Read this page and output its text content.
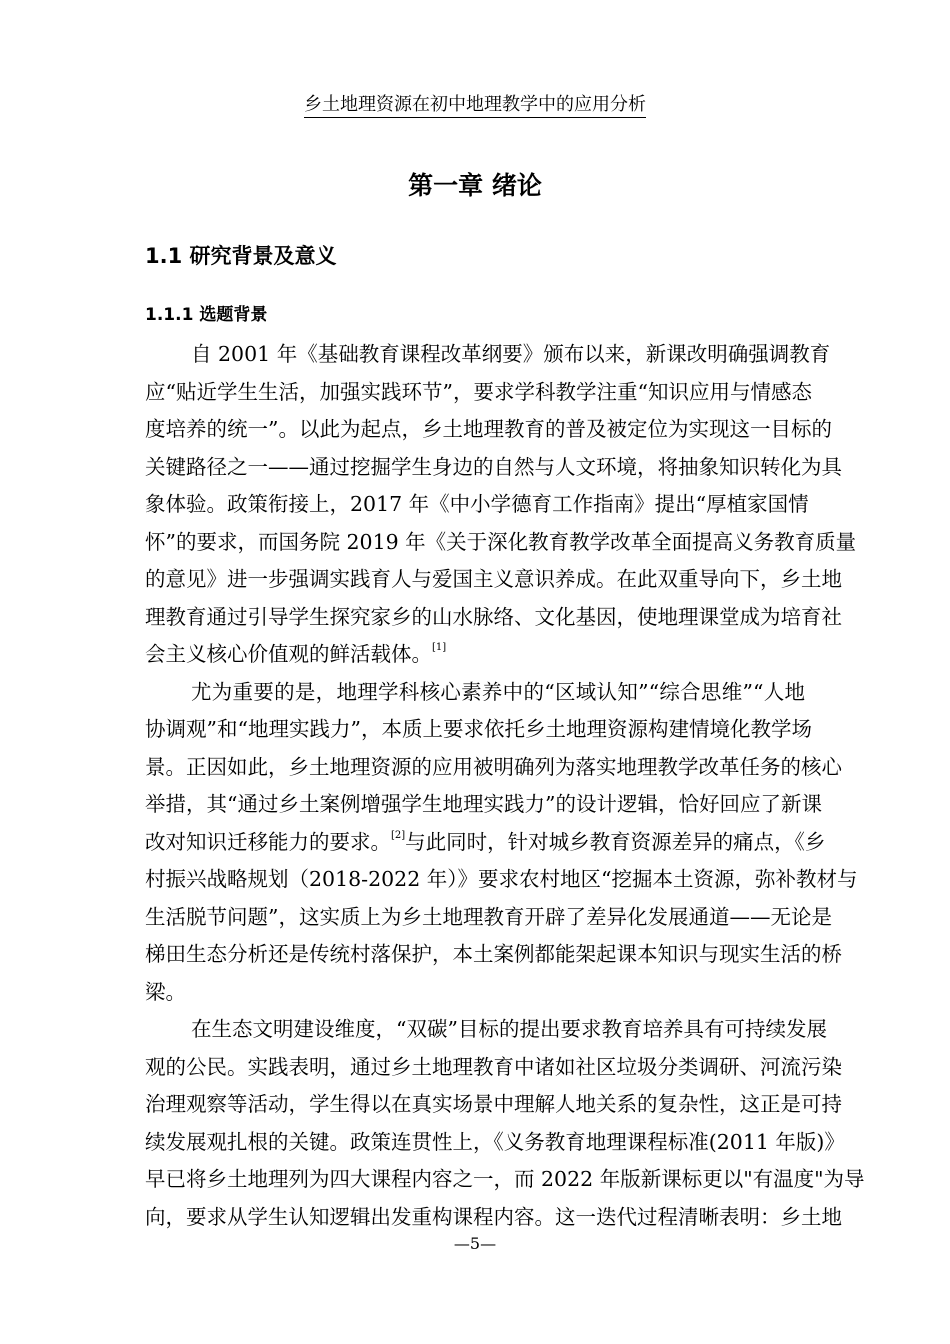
乡土地理资源在初中地理教学中的应用分析
第一章 绪论
1.1 研究背景及意义
1.1.1 选题背景
自 2001 年《基础教育课程改革纲要》颁布以来，新课改明确强调教育
应“贴近学生生活，加强实践环节”，要求学科教学注重“知识应用与情感态
度培养的统一”。以此为起点，乡土地理教育的普及被定位为实现这一目标的
关键路径之一——通过挖掘学生身边的自然与人文环境，将抽象知识转化为具
象体验。政策衔接上，2017 年《中小学德育工作指南》提出“厚植家国情
怀”的要求，而国务院 2019 年《关于深化教育教学改革全面提高义务教育质量
的意见》进一步强调实践育人与爱国主义意识养成。在此双重导向下，乡土地
理教育通过引导学生探究家乡的山水脉络、文化基因，使地理课堂成为培育社
会主义核心价值观的鲜活载体。[1]
尤为重要的是，地理学科核心素养中的“区域认知”“综合思维”“人地
协调观”和“地理实践力”，本质上要求依托乡土地理资源构建情境化教学场
景。正因如此，乡土地理资源的应用被明确列为落实地理教学改革任务的核心
举措，其“通过乡土案例增强学生地理实践力”的设计逻辑，恰好回应了新课
改对知识迁移能力的要求。[2]与此同时，针对城乡教育资源差异的痛点，《乡
村振兴战略规划（2018-2022 年）》要求农村地区“挖掘本土资源，弥补教材与
生活脱节问题”，这实质上为乡土地理教育开辟了差异化发展通道——无论是
梯田生态分析还是传统村落保护，本土案例都能架起课本知识与现实生活的桥
梁。
在生态文明建设维度，“双碳”目标的提出要求教育培养具有可持续发展
观的公民。实践表明，通过乡土地理教育中诸如社区垃圾分类调研、河流污染
治理观察等活动，学生得以在真实场景中理解人地关系的复杂性，这正是可持
续发展观扎根的关键。政策连贯性上，《义务教育地理课程标准(2011 年版)》
早已将乡土地理列为四大课程内容之一，而 2022 年版新课标更以"有温度"为导
向，要求从学生认知逻辑出发重构课程内容。这一迭代过程清晰表明：乡土地
—5—
